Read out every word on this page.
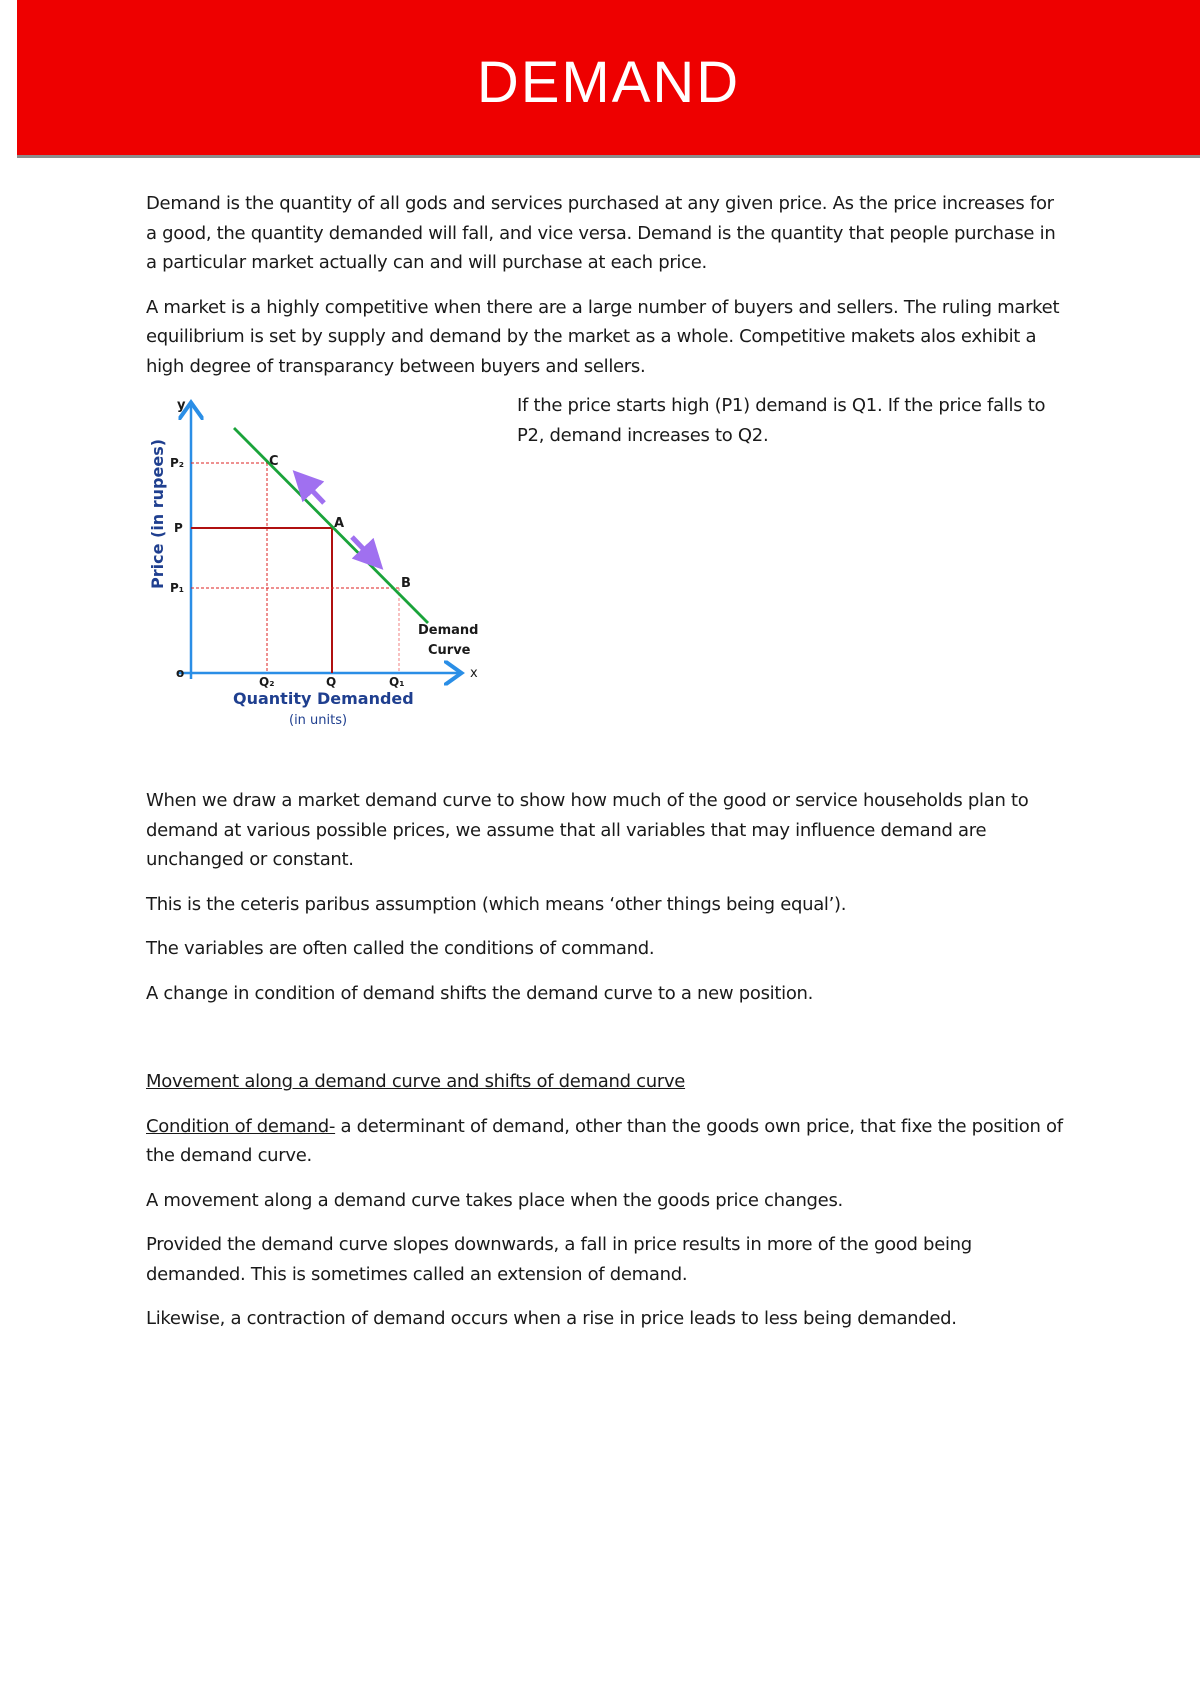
DEMAND

Demand is the quantity of all gods and services purchased at any given price. As the price increases for a good, the quantity demanded will fall, and vice versa. Demand is the quantity that people purchase in a particular market actually can and will purchase at each price.

A market is a highly competitive when there are a large number of buyers and sellers. The ruling market equilibrium is set by supply and demand by the market as a whole. Competitive makets alos exhibit a high degree of transparancy between buyers and sellers.

y
x
o
P₂
P
P₁
Q₂	Q	Q₁
C
A
B
Demand
Curve
Price (in rupees)
Quantity Demanded
(in units)

If the price starts high (P1) demand is Q1. If the price falls to P2, demand increases to Q2.

When we draw a market demand curve to show how much of the good or service households plan to demand at various possible prices, we assume that all variables that may influence demand are unchanged or constant.

This is the ceteris paribus assumption (which means ‘other things being equal’).

The variables are often called the conditions of command.

A change in condition of demand shifts the demand curve to a new position.

Movement along a demand curve and shifts of demand curve

Condition of demand- a determinant of demand, other than the goods own price, that fixe the position of the demand curve.

A movement along a demand curve takes place when the goods price changes.

Provided the demand curve slopes downwards, a fall in price results in more of the good being demanded. This is sometimes called an extension of demand.

Likewise, a contraction of demand occurs when a rise in price leads to less being demanded.
